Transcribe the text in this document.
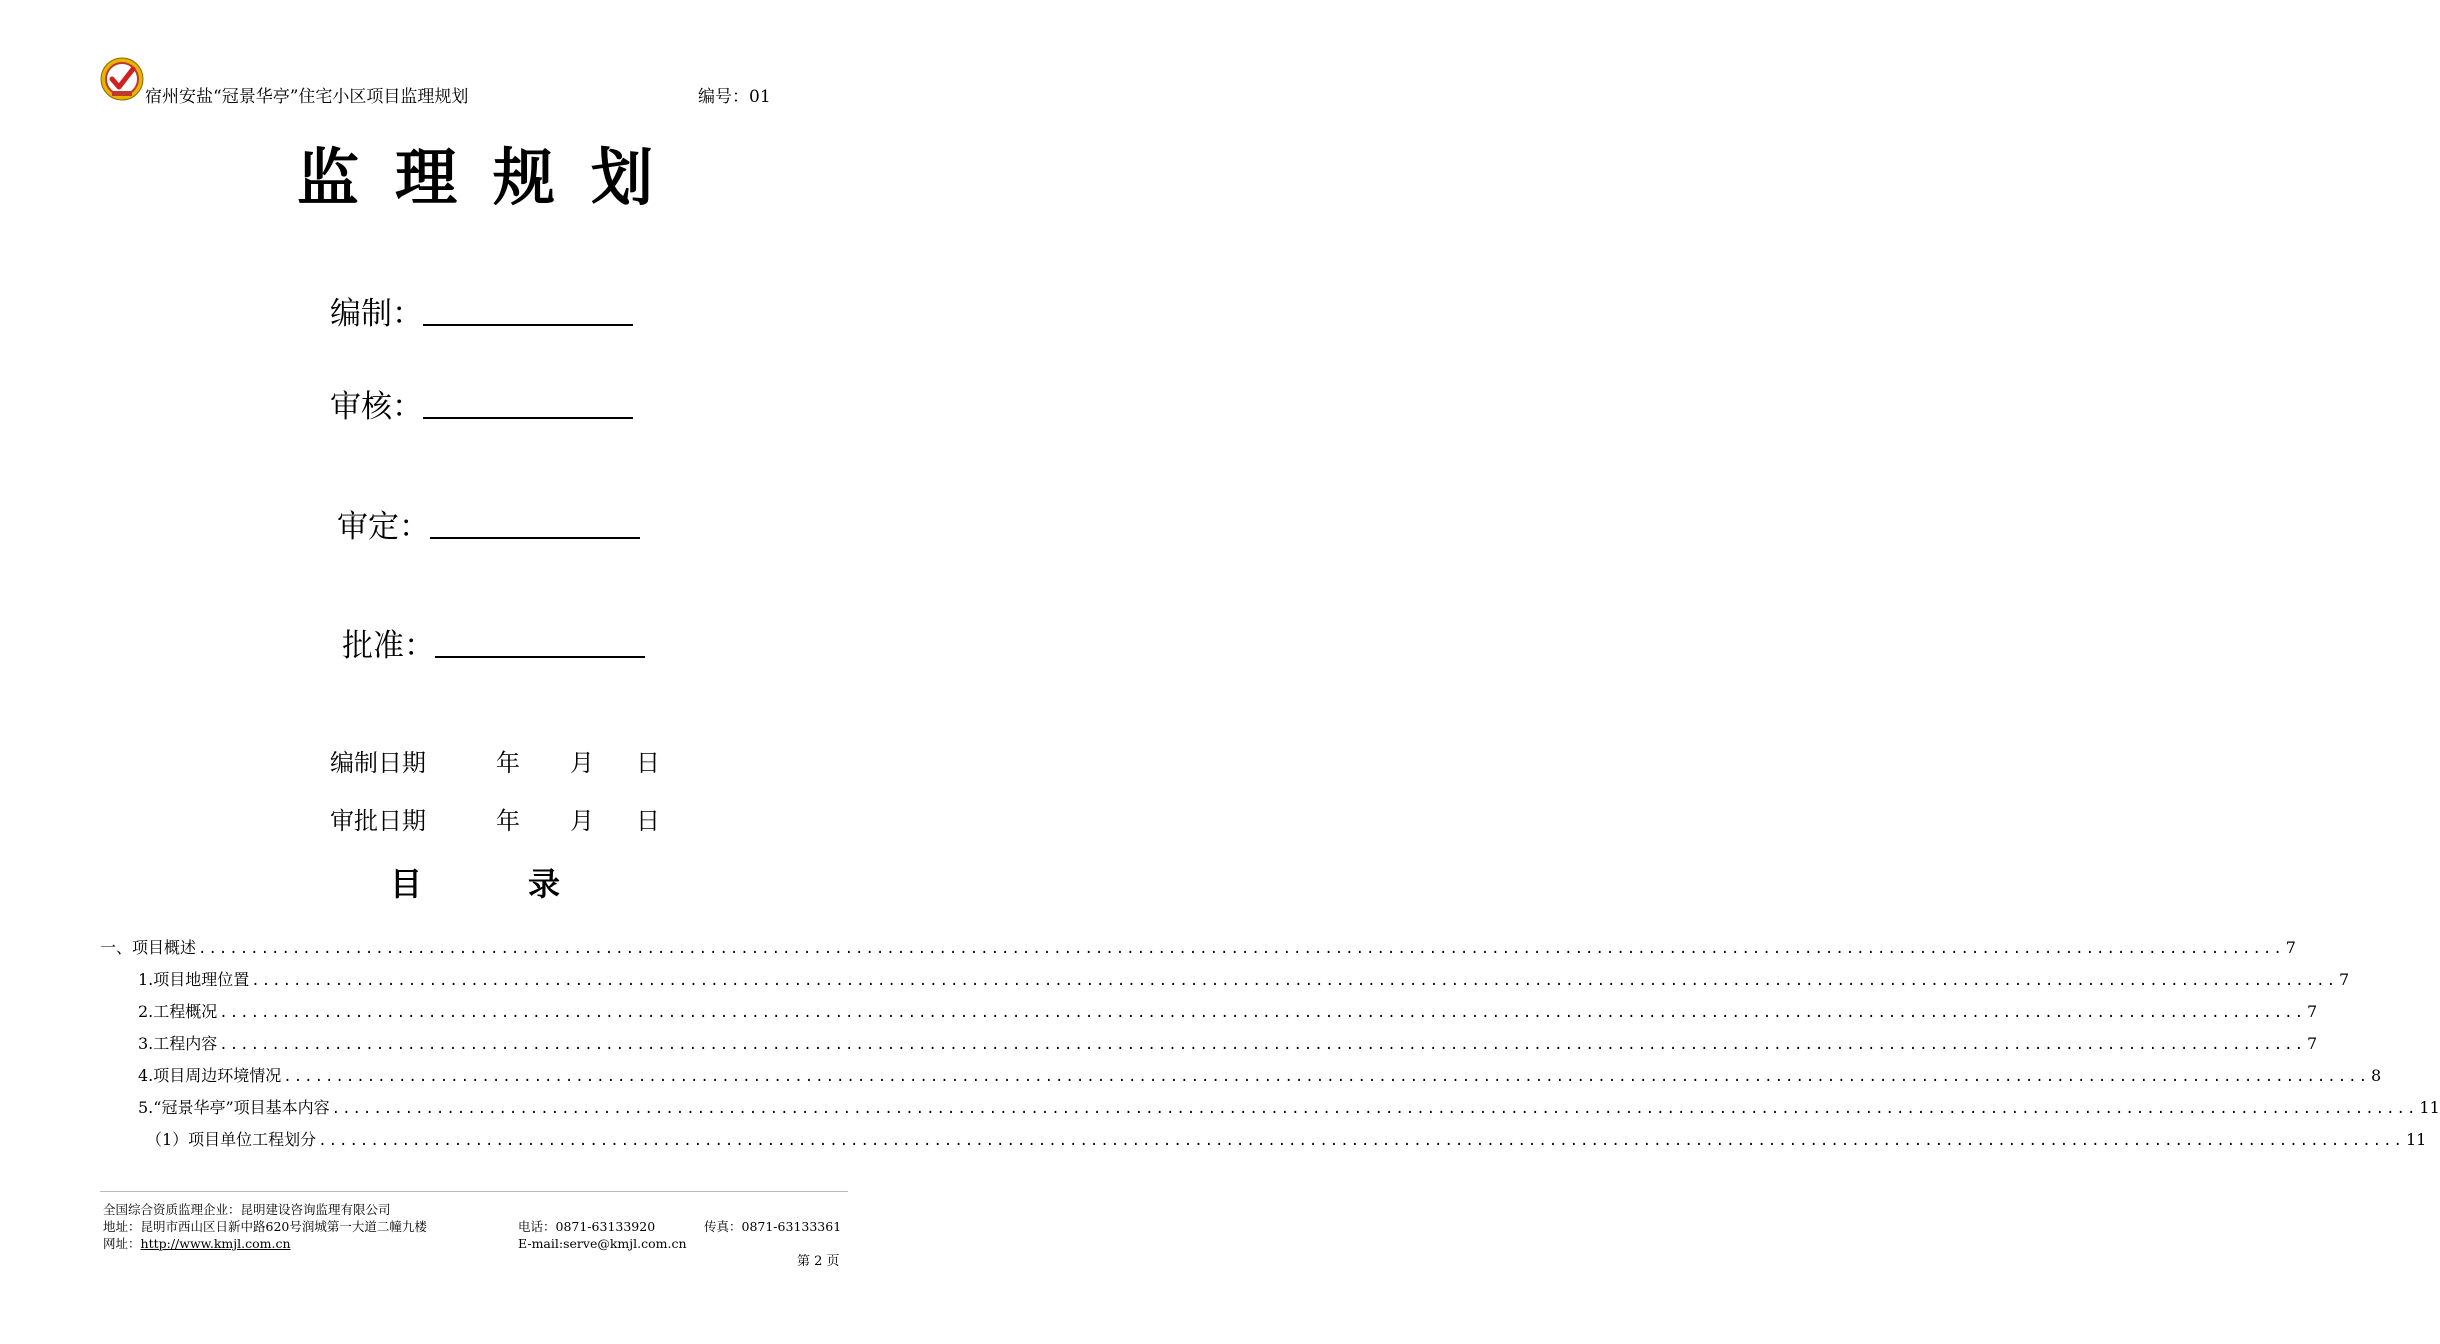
宿州安盐“冠景华亭”住宅小区项目监理规划	编号：01
监理规划
编制：
审核：
审定：
批准：
编制日期	年	月	日
审批日期	年	月	日
目	录
一、项目概述 ........................................................................................................................................................................................................ 7
1.项目地理位置 ........................................................................................................................................................................................................ 7
2.工程概况 ........................................................................................................................................................................................................ 7
3.工程内容 ........................................................................................................................................................................................................ 7
4.项目周边环境情况 ........................................................................................................................................................................................................ 8
5.“冠景华亭”项目基本内容 ........................................................................................................................................................................................................ 11
（1）项目单位工程划分 ........................................................................................................................................................................................................ 11
全国综合资质监理企业：昆明建设咨询监理有限公司
地址：昆明市西山区日新中路620号润城第一大道二幢九楼	电话：0871-63133920	传真：0871-63133361
网址：http://www.kmjl.com.cn	E-mail:serve@kmjl.com.cn
第 2 页
